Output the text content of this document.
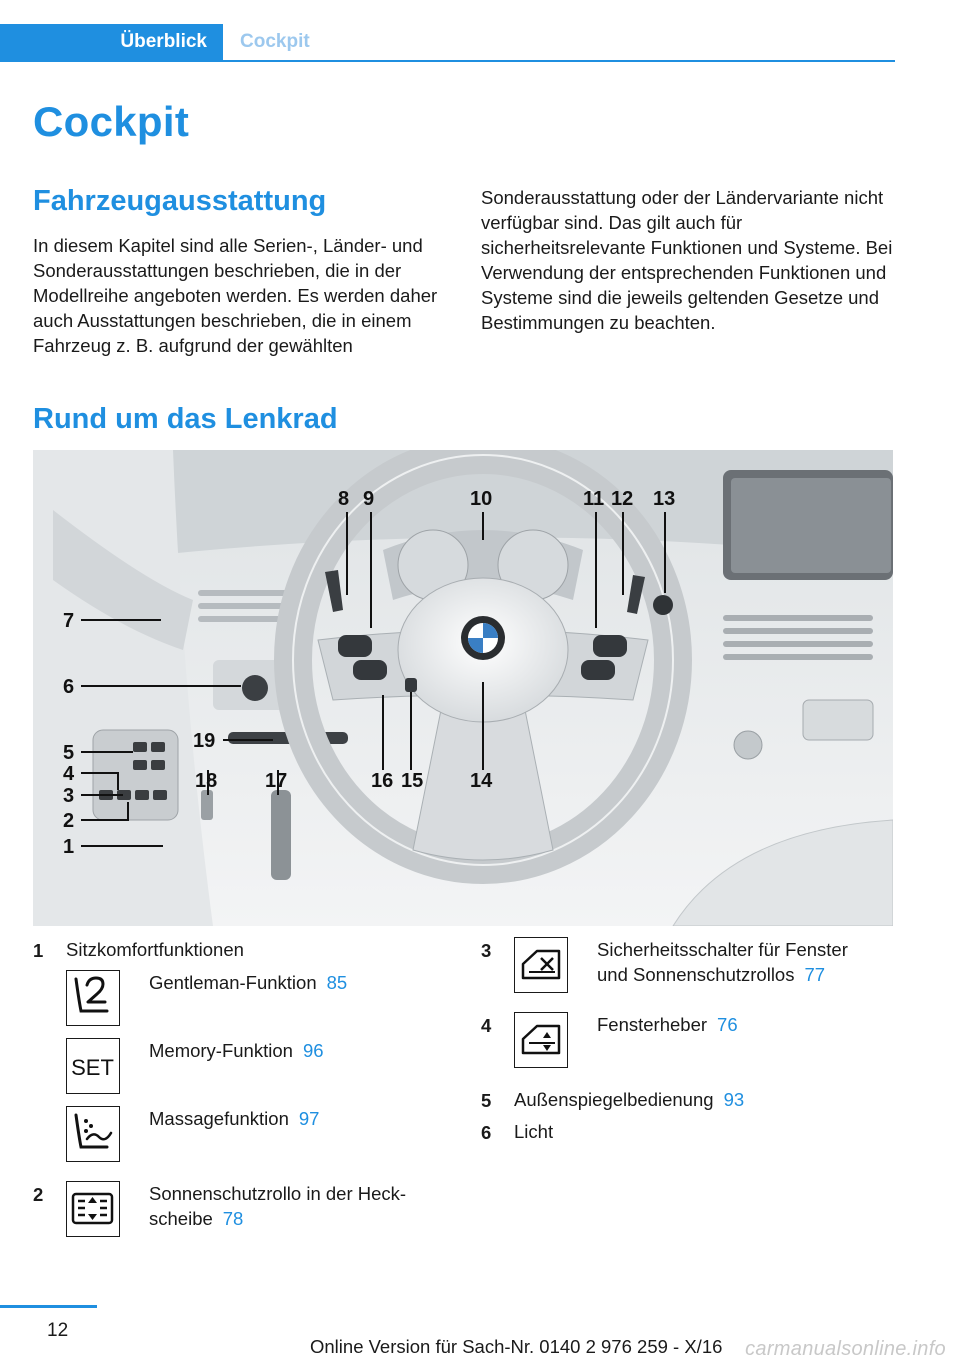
Überblick	Cockpit
Cockpit
Fahrzeugausstattung

In diesem Kapitel sind alle Serien-, Länder- und Sonderausstattungen beschrieben, die in der Modellreihe angeboten werden. Es werden daher auch Ausstattungen beschrieben, die in einem Fahrzeug z. B. aufgrund der gewählten

Sonderausstattung oder der Ländervariante nicht verfügbar sind. Das gilt auch für sicherheitsrelevante Funktionen und Systeme. Bei Verwendung der entsprechenden Funktionen und Systeme sind die jeweils geltenden Gesetze und Bestimmungen zu beachten.

Rund um das Lenkrad
8 9	10	11 12 13
7
6
5
4
3
2
1
19
18 17	16 15 14
1 Sitzkomfortfunktionen
Gentleman-Funktion 85
SET
Memory-Funktion 96
Massagefunktion 97
2	Sonnenschutzrollo in der Heck-
scheibe 78
3	Sicherheitsschalter für Fenster
und Sonnenschutzrollos 77
4	Fensterheber 76
5 Außenspiegelbedienung 93
6 Licht
12
Online Version für Sach-Nr. 0140 2 976 259 - X/16 carmanualsonline.info
